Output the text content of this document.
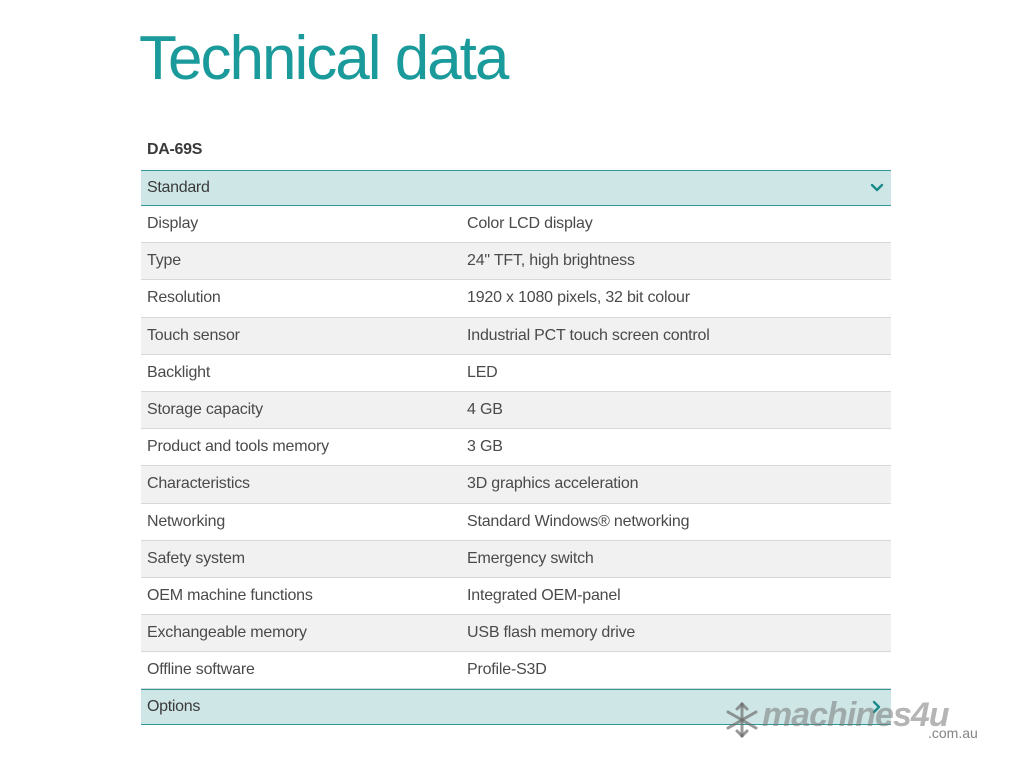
Technical data
DA-69S
Standard
Display	Color LCD display
Type	24" TFT, high brightness
Resolution	1920 x 1080 pixels, 32 bit colour
Touch sensor	Industrial PCT touch screen control
Backlight	LED
Storage capacity	4 GB
Product and tools memory	3 GB
Characteristics	3D graphics acceleration
Networking	Standard Windows® networking
Safety system	Emergency switch
OEM machine functions	Integrated OEM-panel
Exchangeable memory	USB flash memory drive
Offline software	Profile-S3D
Options	machines4u
.com.au
